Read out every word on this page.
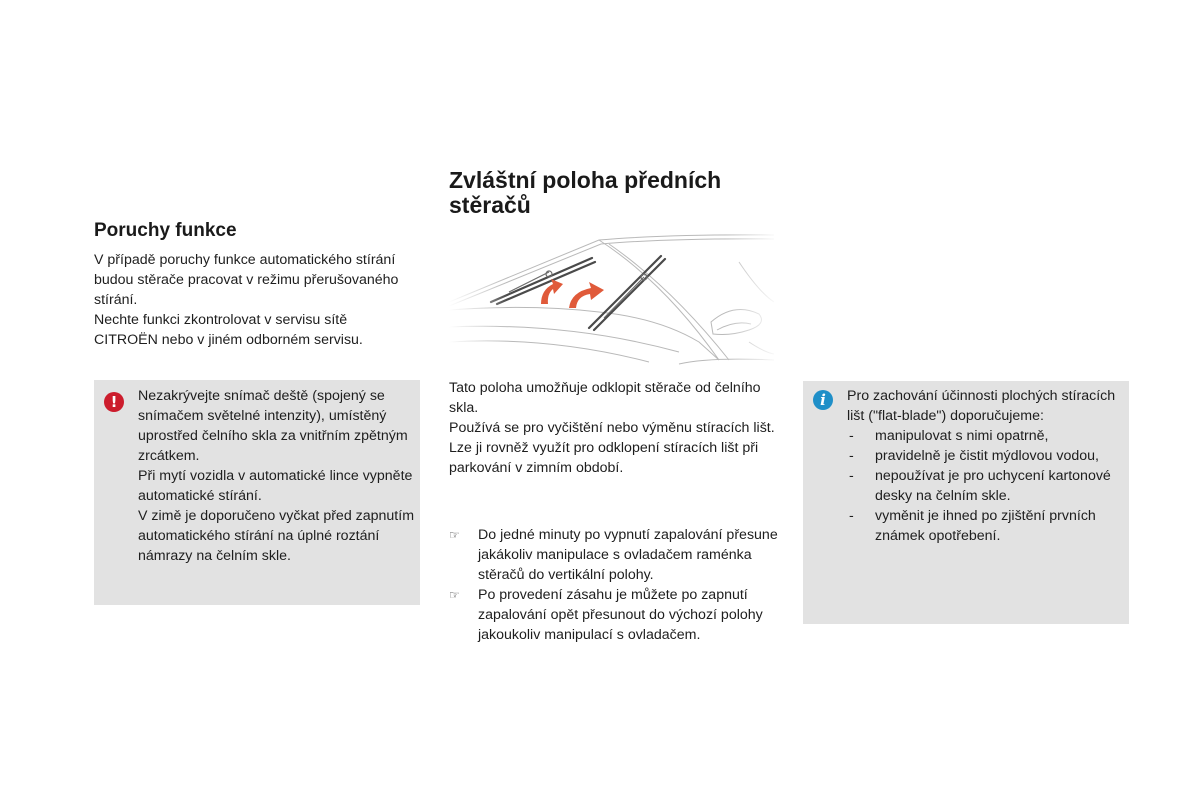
Poruchy funkce

V případě poruchy funkce automatického stírání budou stěrače pracovat v režimu přerušovaného stírání.

Nechte funkci zkontrolovat v servisu sítě CITROËN nebo v jiném odborném servisu.

!	Nezakrývejte snímač deště (spojený se snímačem světelné intenzity), umístěný uprostřed čelního skla za vnitřním zpětným zrcátkem.

Při mytí vozidla v automatické lince vypněte automatické stírání.

V zimě je doporučeno vyčkat před zapnutím automatického stírání na úplné roztání námrazy na čelním skle.

Zvláštní poloha předních stěračů

Tato poloha umožňuje odklopit stěrače od čelního skla.

Používá se pro vyčištění nebo výměnu stíracích lišt. Lze ji rovněž využít pro odklopení stíracích lišt při parkování v zimním období.

☞ Do jedné minuty po vypnutí zapalování přesune jakákoliv manipulace s ovladačem raménka stěračů do vertikální polohy.
☞ Po provedení zásahu je můžete po zapnutí zapalování opět přesunout do výchozí polohy jakoukoliv manipulací s ovladačem.
i	Pro zachování účinnosti plochých stíracích lišt ("flat-blade") doporučujeme:

- manipulovat s nimi opatrně,
- pravidelně je čistit mýdlovou vodou,
- nepoužívat je pro uchycení kartonové desky na čelním skle.
- vyměnit je ihned po zjištění prvních známek opotřebení.
